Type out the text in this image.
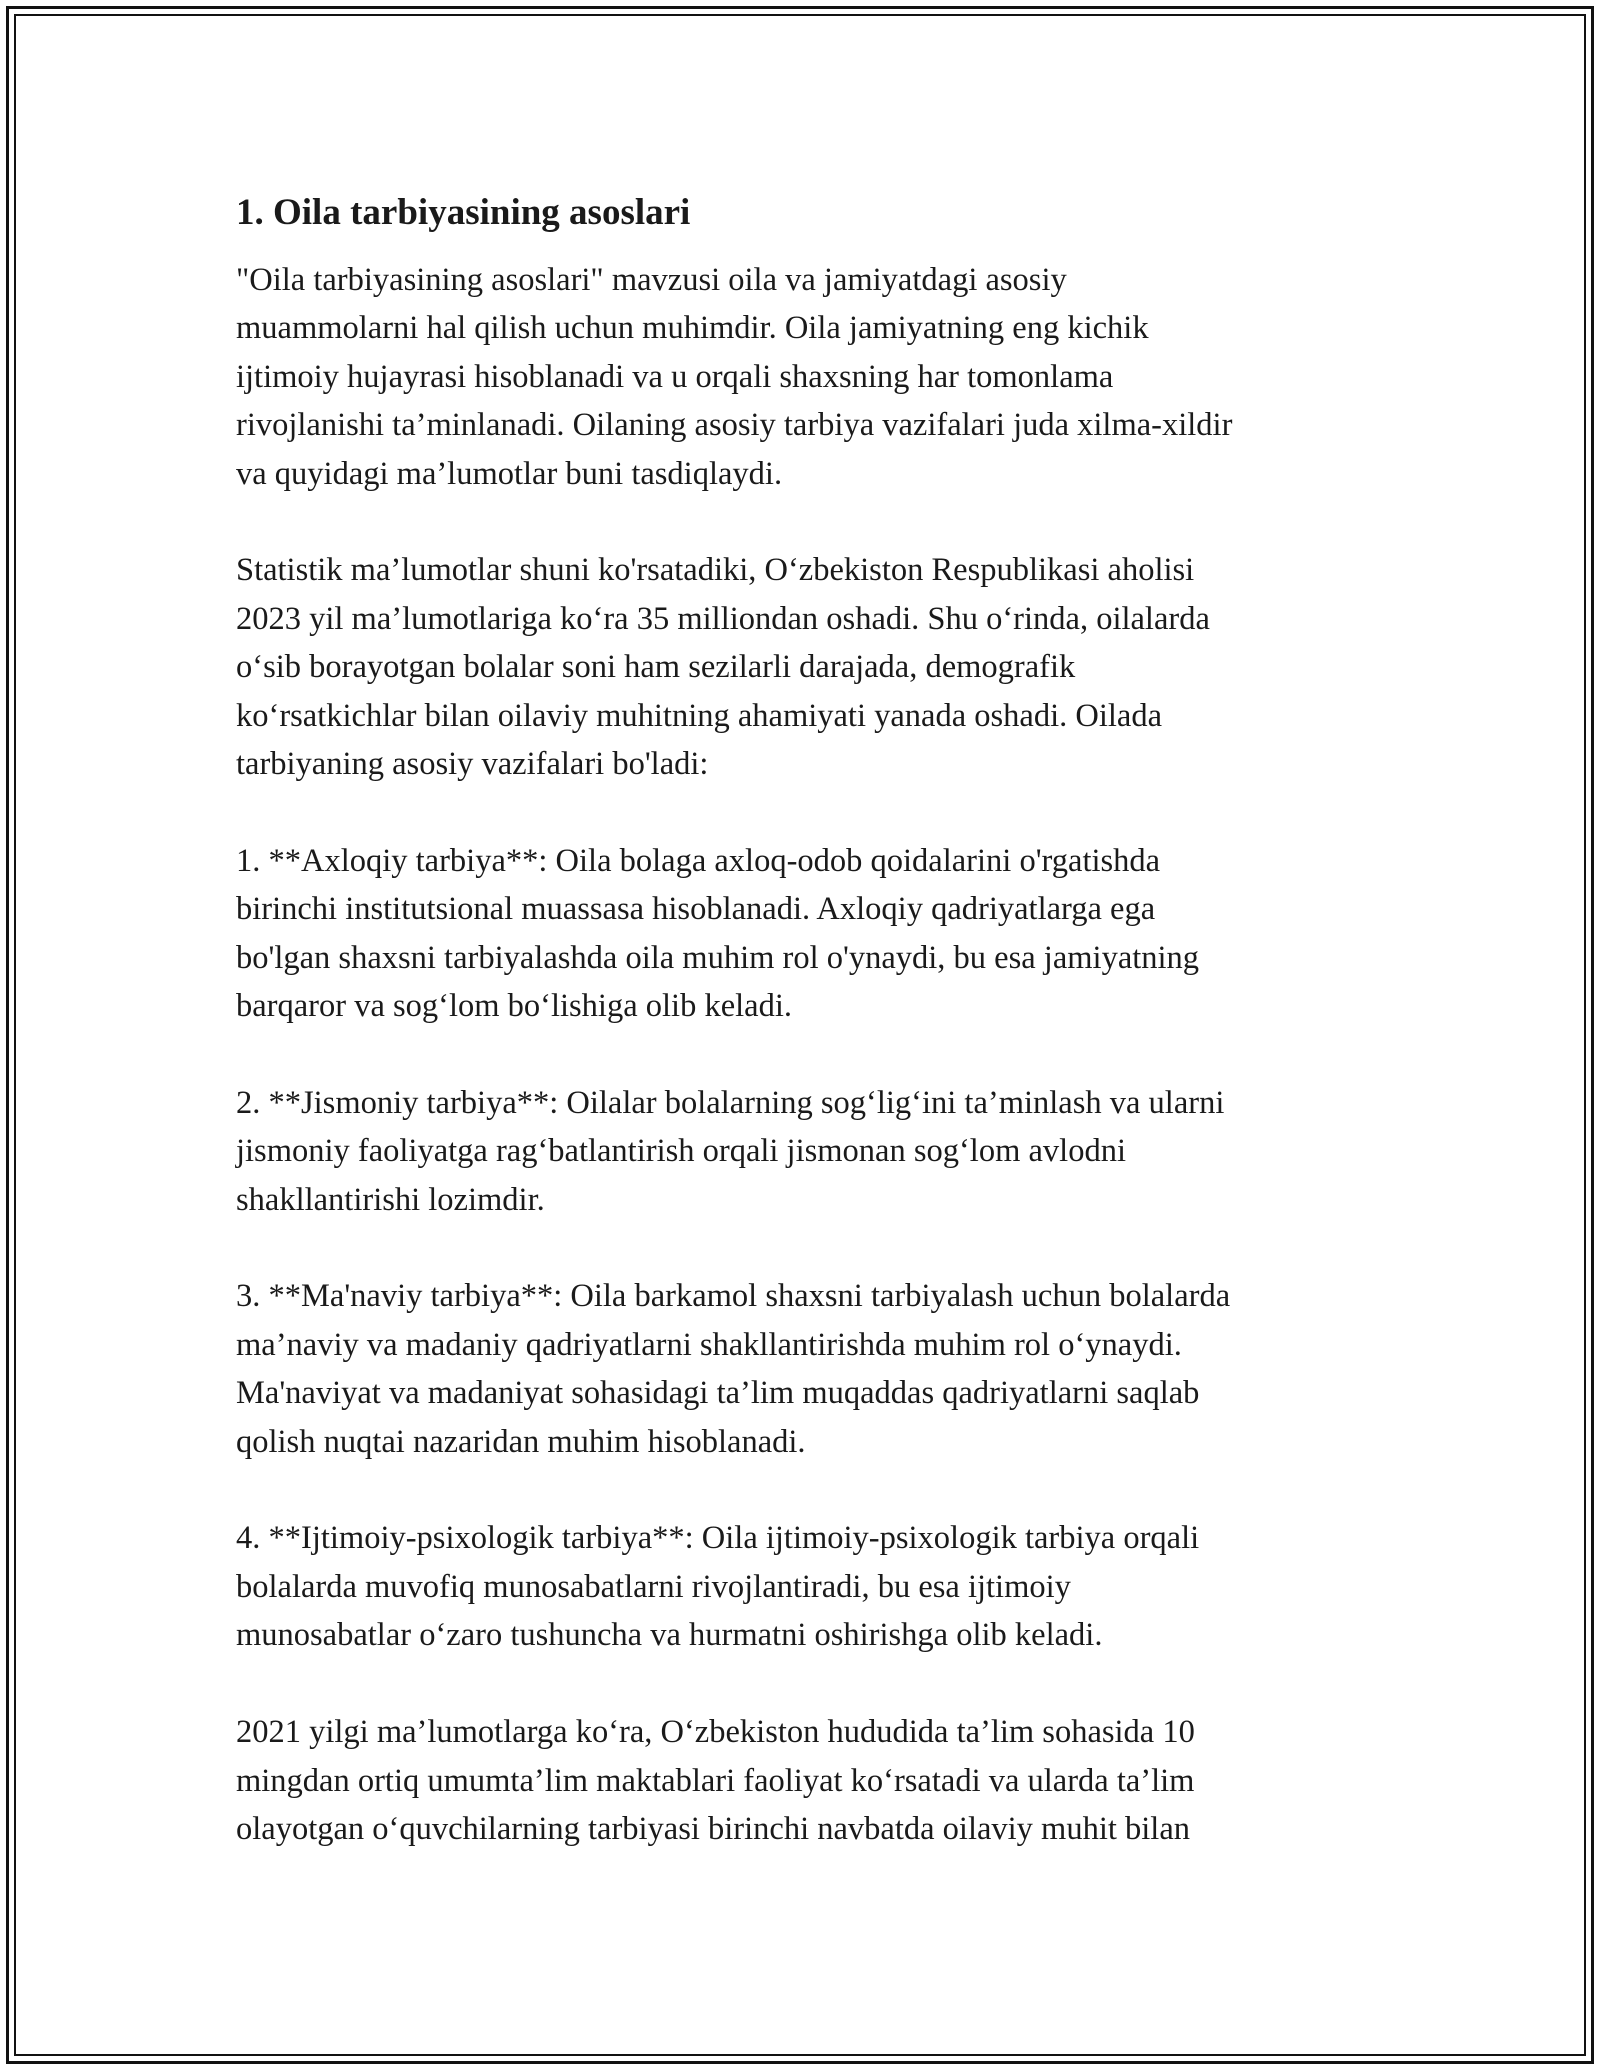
1. Oila tarbiyasining asoslari

"Oila tarbiyasining asoslari" mavzusi oila va jamiyatdagi asosiy
muammolarni hal qilish uchun muhimdir. Oila jamiyatning eng kichik
ijtimoiy hujayrasi hisoblanadi va u orqali shaxsning har tomonlama
rivojlanishi ta’minlanadi. Oilaning asosiy tarbiya vazifalari juda xilma-xildir
va quyidagi ma’lumotlar buni tasdiqlaydi.

Statistik ma’lumotlar shuni ko'rsatadiki, O‘zbekiston Respublikasi aholisi
2023 yil ma’lumotlariga ko‘ra 35 milliondan oshadi. Shu o‘rinda, oilalarda
o‘sib borayotgan bolalar soni ham sezilarli darajada, demografik
ko‘rsatkichlar bilan oilaviy muhitning ahamiyati yanada oshadi. Oilada
tarbiyaning asosiy vazifalari bo'ladi:

1. **Axloqiy tarbiya**: Oila bolaga axloq-odob qoidalarini o'rgatishda
birinchi institutsional muassasa hisoblanadi. Axloqiy qadriyatlarga ega
bo'lgan shaxsni tarbiyalashda oila muhim rol o'ynaydi, bu esa jamiyatning
barqaror va sog‘lom bo‘lishiga olib keladi.

2. **Jismoniy tarbiya**: Oilalar bolalarning sog‘lig‘ini ta’minlash va ularni
jismoniy faoliyatga rag‘batlantirish orqali jismonan sog‘lom avlodni
shakllantirishi lozimdir.

3. **Ma'naviy tarbiya**: Oila barkamol shaxsni tarbiyalash uchun bolalarda
ma’naviy va madaniy qadriyatlarni shakllantirishda muhim rol o‘ynaydi.
Ma'naviyat va madaniyat sohasidagi ta’lim muqaddas qadriyatlarni saqlab
qolish nuqtai nazaridan muhim hisoblanadi.

4. **Ijtimoiy-psixologik tarbiya**: Oila ijtimoiy-psixologik tarbiya orqali
bolalarda muvofiq munosabatlarni rivojlantiradi, bu esa ijtimoiy
munosabatlar o‘zaro tushuncha va hurmatni oshirishga olib keladi.

2021 yilgi ma’lumotlarga ko‘ra, O‘zbekiston hududida ta’lim sohasida 10
mingdan ortiq umumta’lim maktablari faoliyat ko‘rsatadi va ularda ta’lim
olayotgan o‘quvchilarning tarbiyasi birinchi navbatda oilaviy muhit bilan
